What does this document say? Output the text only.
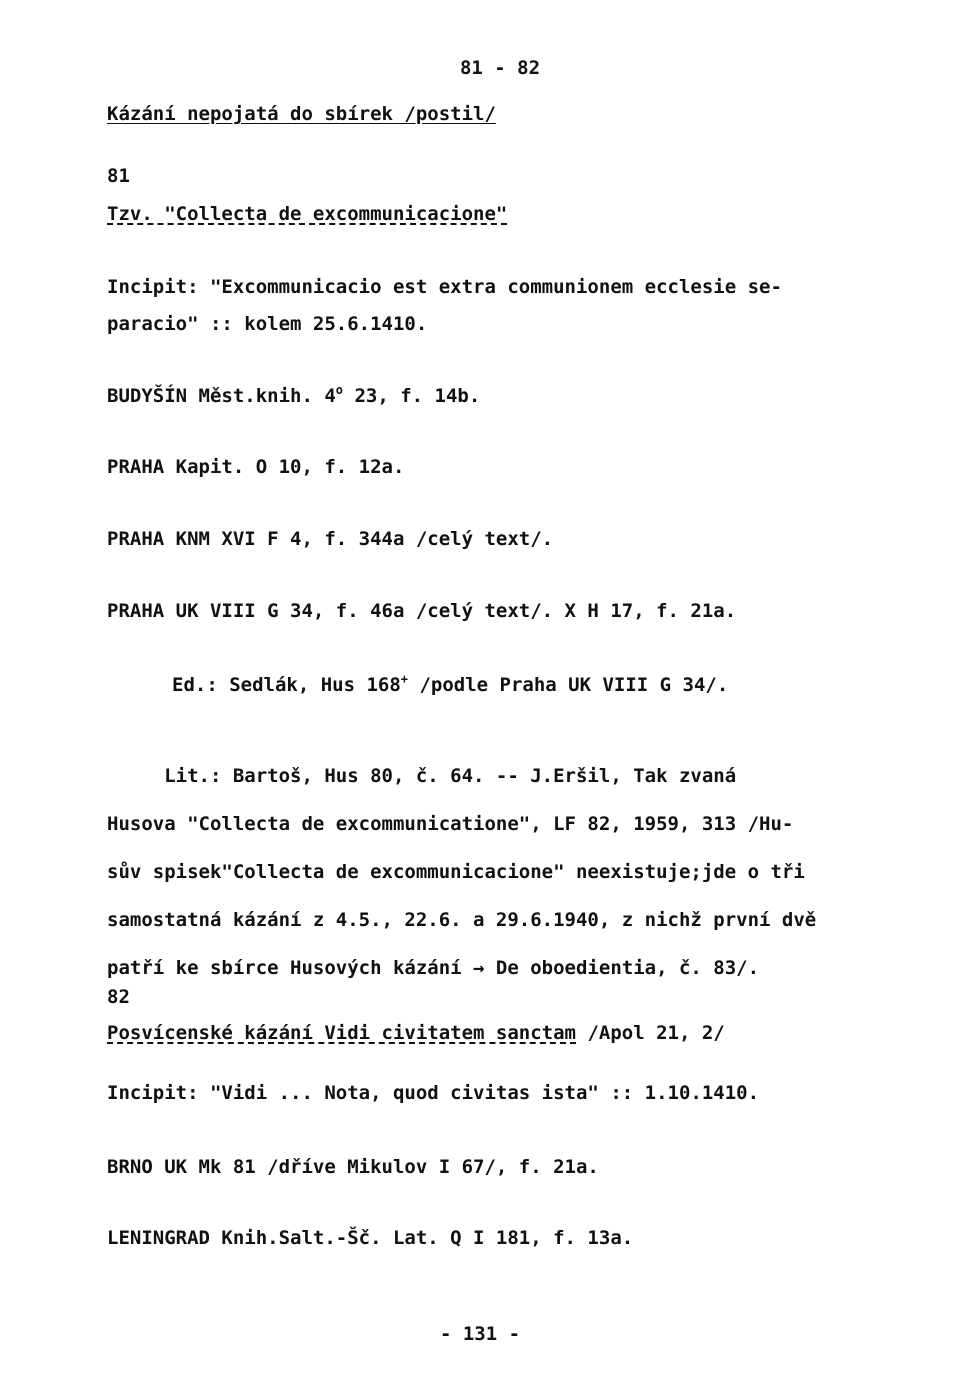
81 - 82
Kázání nepojatá do sbírek /postil/
81
Tzv. "Collecta de excommunicacione"
Incipit: "Excommunicacio est extra communionem ecclesie se-
paracio" :: kolem 25.6.1410.
BUDYŠÍN Měst.knih. 4$^o$ 23, f. 14b.
PRAHA Kapit. O 10, f. 12a.
PRAHA KNM XVI F 4, f. 344a /celý text/.
PRAHA UK VIII G 34, f. 46a /celý text/. X H 17, f. 21a.
Ed.: Sedlák, Hus 168+ /podle Praha UK VIII G 34/.

Lit.: Bartoš, Hus 80, č. 64. -- J.Eršil, Tak zvaná

Husova "Collecta de excommunicatione", LF 82, 1959, 313 /Hu-

sův spisek"Collecta de excommunicacione" neexistuje;jde o tři

samostatná kázání z 4.5., 22.6. a 29.6.1940, z nichž první dvě

patří ke sbírce Husových kázání → De oboedientia, č. 83/.

82
Posvícenské kázání Vidi civitatem sanctam /Apol 21, 2/
Incipit: "Vidi ... Nota, quod civitas ista" :: 1.10.1410.
BRNO UK Mk 81 /dříve Mikulov I 67/, f. 21a.
LENINGRAD Knih.Salt.-Šč. Lat. Q I 181, f. 13a.
- 131 -
